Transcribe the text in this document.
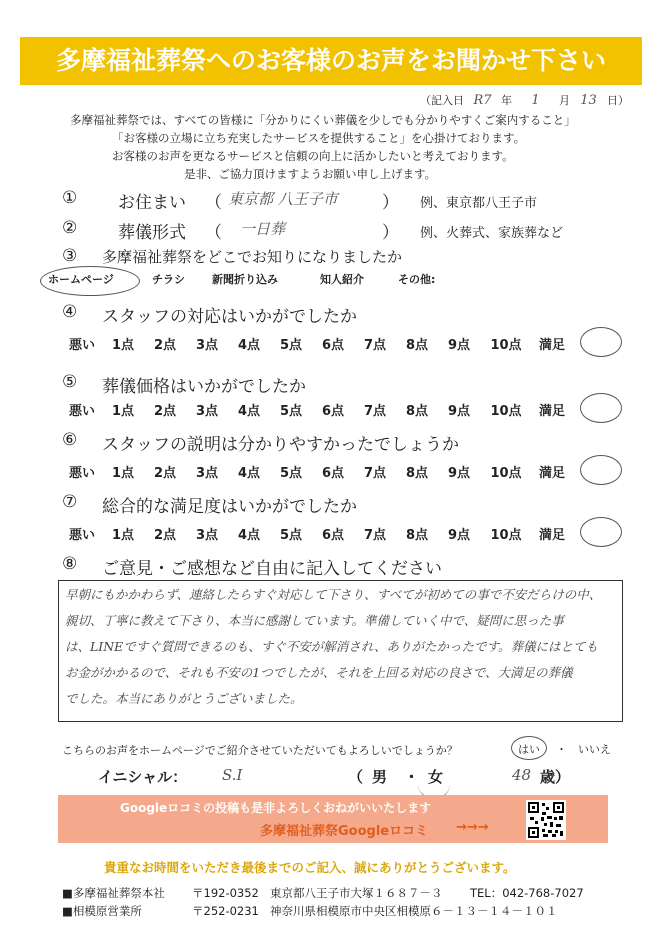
多摩福祉葬祭へのお客様のお声をお聞かせ下さい
（記入日 R7 年 1 月 13 日）
多摩福祉葬祭では、すべての皆様に「分かりにくい葬儀を少しでも分かりやすくご案内すること」
「お客様の立場に立ち充実したサービスを提供すること」を心掛けております。
お客様のお声を更なるサービスと信頼の向上に活かしたいと考えております。
是非、ご協力頂けますようお願い申し上げます。
① お住まい （ 東京都 八王子市	） 例、東京都八王子市
② 葬儀形式 （ 一日葬	） 例、火葬式、家族葬など
③ 多摩福祉葬祭をどこでお知りになりましたか
ホームページ	チラシ 新聞折り込み	知人紹介	その他:
④ スタッフの対応はいかがでしたか
悪い 1点 2点 3点 4点 5点 6点 7点 8点 9点 10点 満足
⑤ 葬儀価格はいかがでしたか
悪い 1点 2点 3点 4点 5点 6点 7点 8点 9点 10点 満足
⑥ スタッフの説明は分かりやすかったでしょうか
悪い 1点 2点 3点 4点 5点 6点 7点 8点 9点 10点 満足
⑦ 総合的な満足度はいかがでしたか
悪い 1点 2点 3点 4点 5点 6点 7点 8点 9点 10点 満足
⑧ ご意見・ご感想など自由に記入してください
早朝にもかかわらず、連絡したらすぐ対応して下さり、すべてが初めての事で不安だらけの中、
親切、丁寧に教えて下さり、本当に感謝しています。準備していく中で、疑問に思った事
は、LINEですぐ質問できるのも、すぐ不安が解消され、ありがたかったです。葬儀にはとても
お金がかかるので、それも不安の1つでしたが、それを上回る対応の良さで、大満足の葬儀
でした。本当にありがとうございました。
こちらのお声をホームページでご紹介させていただいてもよろしいでしょうか？	はい ・ いいえ
イニシャル： S.I	（ 男 ・ 女	48 歳）
Googleロコミの投稿も是非よろしくおねがいいたします
多摩福祉葬祭Googleロコミ →→→
貴重なお時間をいただき最後までのご記入、誠にありがとうございます。
■多摩福祉葬祭本社 〒192-0352 東京都八王子市大塚１６８７－３ TEL：042-768-7027
■相模原営業所	〒252-0231 神奈川県相模原市中央区相模原６－１３－１４－１０１
